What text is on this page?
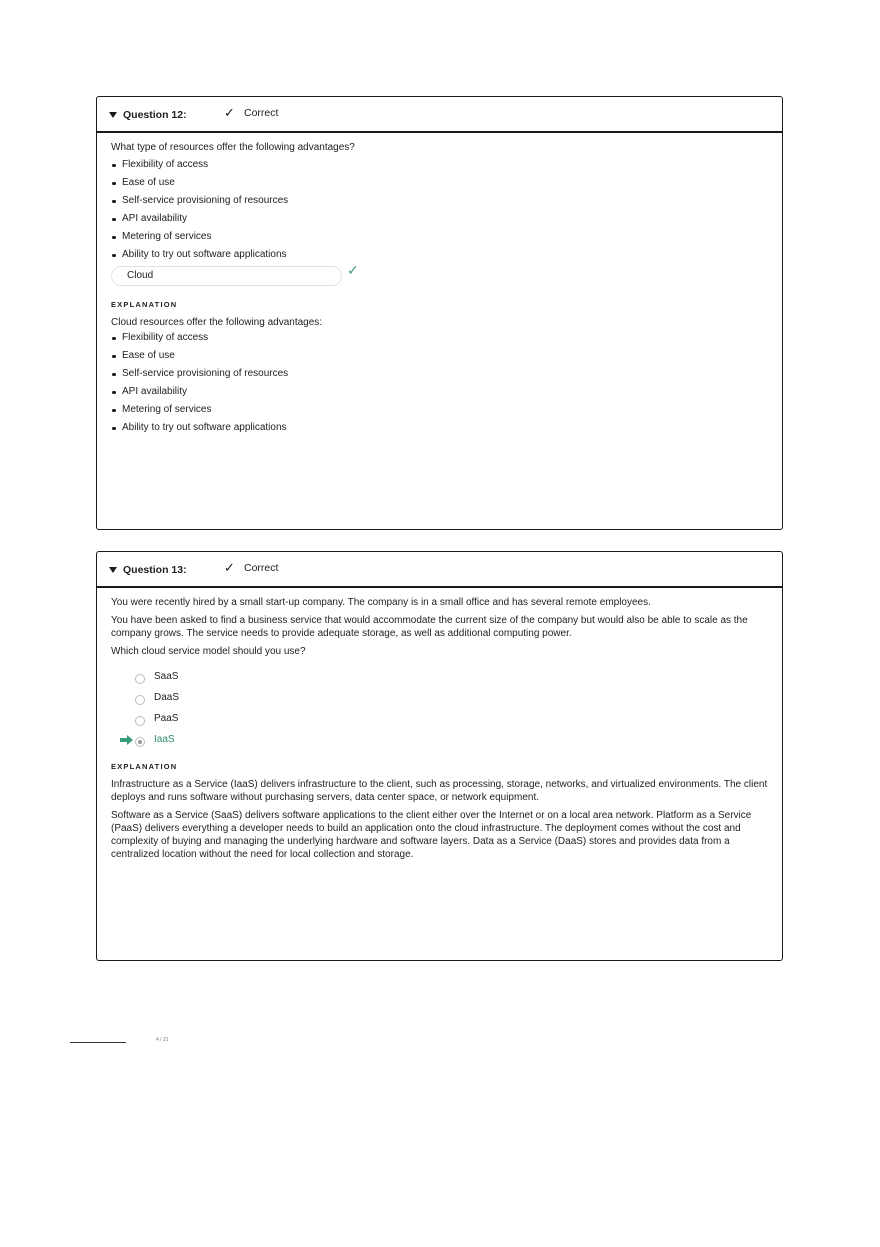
Question 12:	✓ Correct

What type of resources offer the following advantages?

Flexibility of access
Ease of use
Self-service provisioning of resources
API availability
Metering of services
Ability to try out software applications
Cloud	✓
EXPLANATION

Cloud resources offer the following advantages:

Flexibility of access
Ease of use
Self-service provisioning of resources
API availability
Metering of services
Ability to try out software applications
Question 13:	✓ Correct

You were recently hired by a small start-up company. The company is in a small office and has several remote employees.

You have been asked to find a business service that would accommodate the current size of the company but would also be able to scale as the company grows. The service needs to provide adequate storage, as well as additional computing power.

Which cloud service model should you use?

SaaS
DaaS
PaaS
IaaS
EXPLANATION

Infrastructure as a Service (IaaS) delivers infrastructure to the client, such as processing, storage, networks, and virtualized environments. The client deploys and runs software without purchasing servers, data center space, or network equipment.

Software as a Service (SaaS) delivers software applications to the client either over the Internet or on a local area network. Platform as a Service (PaaS) delivers everything a developer needs to build an application onto the cloud infrastructure. The deployment comes without the cost and complexity of buying and managing the underlying hardware and software layers. Data as a Service (DaaS) stores and provides data from a centralized location without the need for local collection and storage.

4 / 21
